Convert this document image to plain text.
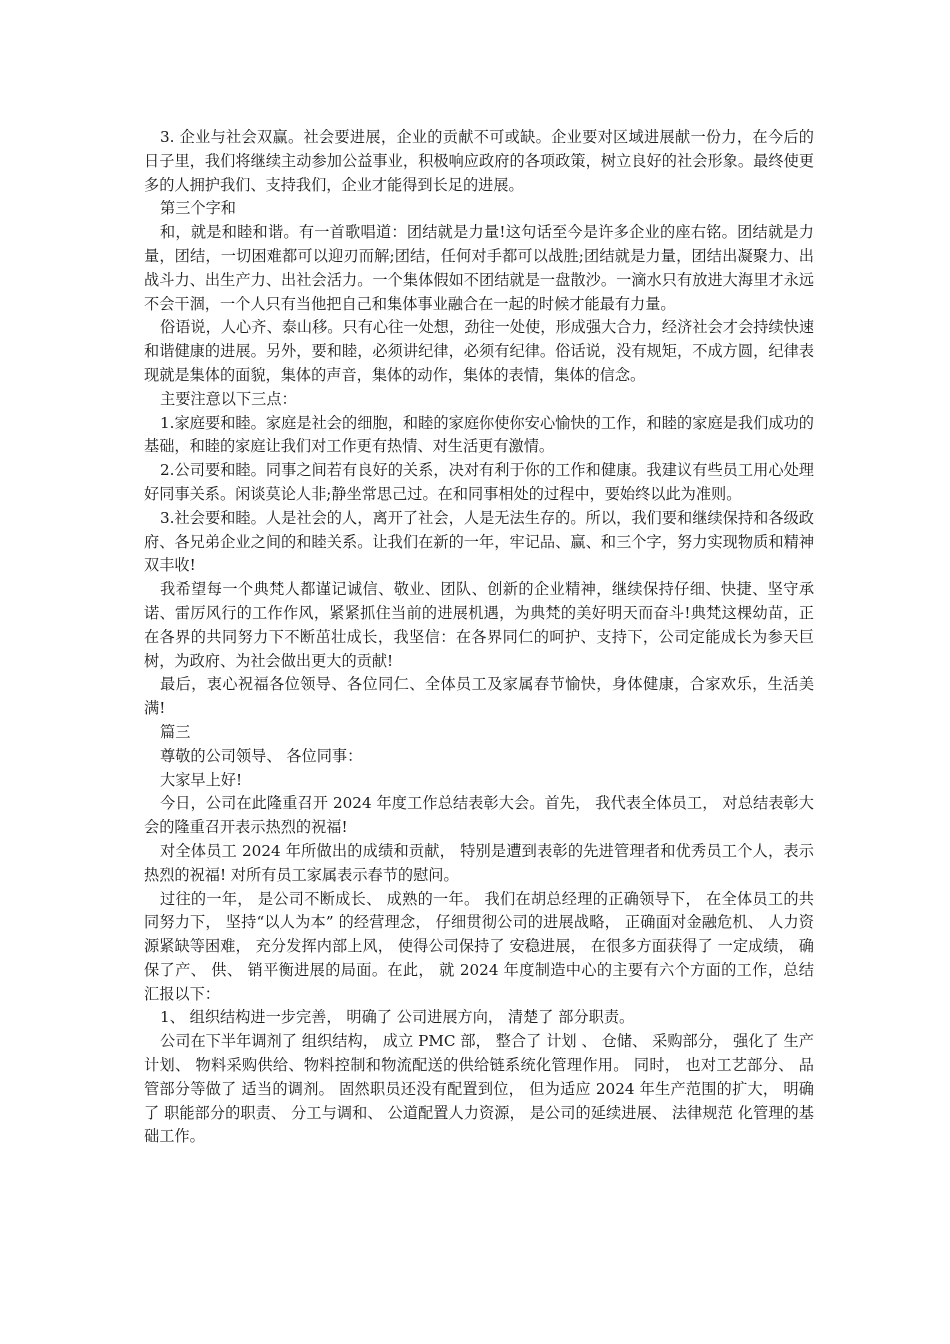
3. 企业与社会双赢。社会要进展，企业的贡献不可或缺。企业要对区域进展献一份力，在今后的日子里，我们将继续主动参加公益事业，积极响应政府的各项政策，树立良好的社会形象。最终使更多的人拥护我们、支持我们，企业才能得到长足的进展。

第三个字和

和，就是和睦和谐。有一首歌唱道：团结就是力量!这句话至今是许多企业的座右铭。团结就是力量，团结，一切困难都可以迎刃而解;团结，任何对手都可以战胜;团结就是力量，团结出凝聚力、出战斗力、出生产力、出社会活力。一个集体假如不团结就是一盘散沙。一滴水只有放进大海里才永远不会干涸，一个人只有当他把自己和集体事业融合在一起的时候才能最有力量。

俗语说，人心齐、泰山移。只有心往一处想，劲往一处使，形成强大合力，经济社会才会持续快速和谐健康的进展。另外，要和睦，必须讲纪律，必须有纪律。俗话说，没有规矩，不成方圆，纪律表现就是集体的面貌，集体的声音，集体的动作，集体的表情，集体的信念。

主要注意以下三点：

1.家庭要和睦。家庭是社会的细胞，和睦的家庭你使你安心愉快的工作，和睦的家庭是我们成功的基础，和睦的家庭让我们对工作更有热情、对生活更有激情。

2.公司要和睦。同事之间若有良好的关系，决对有利于你的工作和健康。我建议有些员工用心处理好同事关系。闲谈莫论人非;静坐常思己过。在和同事相处的过程中，要始终以此为准则。

3.社会要和睦。人是社会的人，离开了社会，人是无法生存的。所以，我们要和继续保持和各级政府、各兄弟企业之间的和睦关系。让我们在新的一年，牢记品、赢、和三个字，努力实现物质和精神双丰收!

我希望每一个典梵人都谨记诚信、敬业、团队、创新的企业精神，继续保持仔细、快捷、坚守承诺、雷厉风行的工作作风，紧紧抓住当前的进展机遇，为典梵的美好明天而奋斗!典梵这棵幼苗，正在各界的共同努力下不断茁壮成长，我坚信：在各界同仁的呵护、支持下，公司定能成长为参天巨树，为政府、为社会做出更大的贡献!

最后，衷心祝福各位领导、各位同仁、全体员工及家属春节愉快，身体健康，合家欢乐，生活美满!

篇三

尊敬的公司领导、 各位同事：

大家早上好!

今日，公司在此隆重召开 2024 年度工作总结表彰大会。首先， 我代表全体员工， 对总结表彰大会的隆重召开表示热烈的祝福!

对全体员工 2024 年所做出的成绩和贡献， 特别是遭到表彰的先进管理者和优秀员工个人，表示热烈的祝福! 对所有员工家属表示春节的慰问。

过往的一年， 是公司不断成长、 成熟的一年。 我们在胡总经理的正确领导下， 在全体员工的共同努力下， 坚持“以人为本” 的经营理念， 仔细贯彻公司的进展战略， 正确面对金融危机、 人力资源紧缺等困难， 充分发挥内部上风， 使得公司保持了 安稳进展， 在很多方面获得了 一定成绩， 确保了产、 供、 销平衡进展的局面。在此， 就 2024 年度制造中心的主要有六个方面的工作，总结汇报以下：

1、 组织结构进一步完善， 明确了 公司进展方向， 清楚了 部分职责。

公司在下半年调剂了 组织结构， 成立 PMC 部， 整合了 计划 、 仓储、 采购部分， 强化了 生产计划、 物料采购供给、物料控制和物流配送的供给链系统化管理作用。 同时， 也对工艺部分、 品管部分等做了 适当的调剂。 固然职员还没有配置到位， 但为适应 2024 年生产范围的扩大， 明确了 职能部分的职责、 分工与调和、 公道配置人力资源， 是公司的延续进展、 法律规范 化管理的基础工作。
